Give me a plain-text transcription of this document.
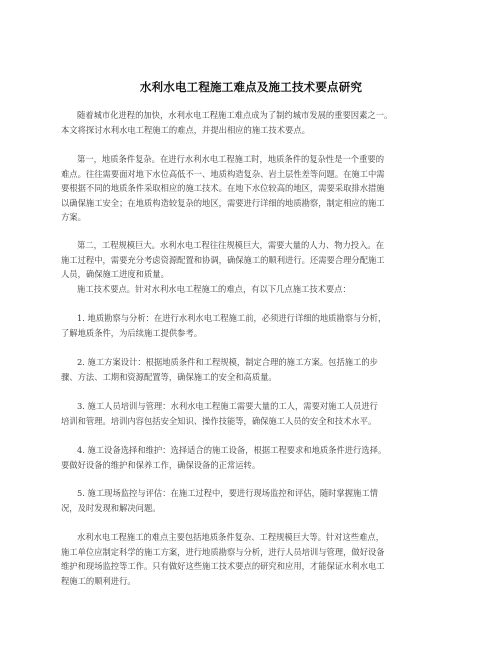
水利水电工程施工难点及施工技术要点研究
随着城市化进程的加快，水利水电工程施工难点成为了制约城市发展的重要因素之一。
本文将探讨水利水电工程施工的难点，并提出相应的施工技术要点。
第一，地质条件复杂。在进行水利水电工程施工时，地质条件的复杂性是一个重要的
难点。往往需要面对地下水位高低不一、地质构造复杂、岩土层性差等问题。在施工中需
要根据不同的地质条件采取相应的施工技术。在地下水位较高的地区，需要采取排水措施
以确保施工安全；在地质构造较复杂的地区，需要进行详细的地质勘察，制定相应的施工
方案。
第二，工程规模巨大。水利水电工程往往规模巨大，需要大量的人力、物力投入。在
施工过程中，需要充分考虑资源配置和协调，确保施工的顺利进行。还需要合理分配施工
人员，确保施工进度和质量。
施工技术要点。针对水利水电工程施工的难点，有以下几点施工技术要点：
1. 地质勘察与分析：在进行水利水电工程施工前，必须进行详细的地质勘察与分析，
了解地质条件，为后续施工提供参考。
2. 施工方案设计：根据地质条件和工程规模，制定合理的施工方案。包括施工的步
骤、方法、工期和资源配置等，确保施工的安全和高质量。
3. 施工人员培训与管理：水利水电工程施工需要大量的工人，需要对施工人员进行
培训和管理。培训内容包括安全知识、操作技能等，确保施工人员的安全和技术水平。
4. 施工设备选择和维护：选择适合的施工设备，根据工程要求和地质条件进行选择。
要做好设备的维护和保养工作，确保设备的正常运转。
5. 施工现场监控与评估：在施工过程中，要进行现场监控和评估，随时掌握施工情
况，及时发现和解决问题。
水利水电工程施工的难点主要包括地质条件复杂、工程规模巨大等。针对这些难点，
施工单位应制定科学的施工方案，进行地质勘察与分析，进行人员培训与管理，做好设备
维护和现场监控等工作。只有做好这些施工技术要点的研究和应用，才能保证水利水电工
程施工的顺利进行。
